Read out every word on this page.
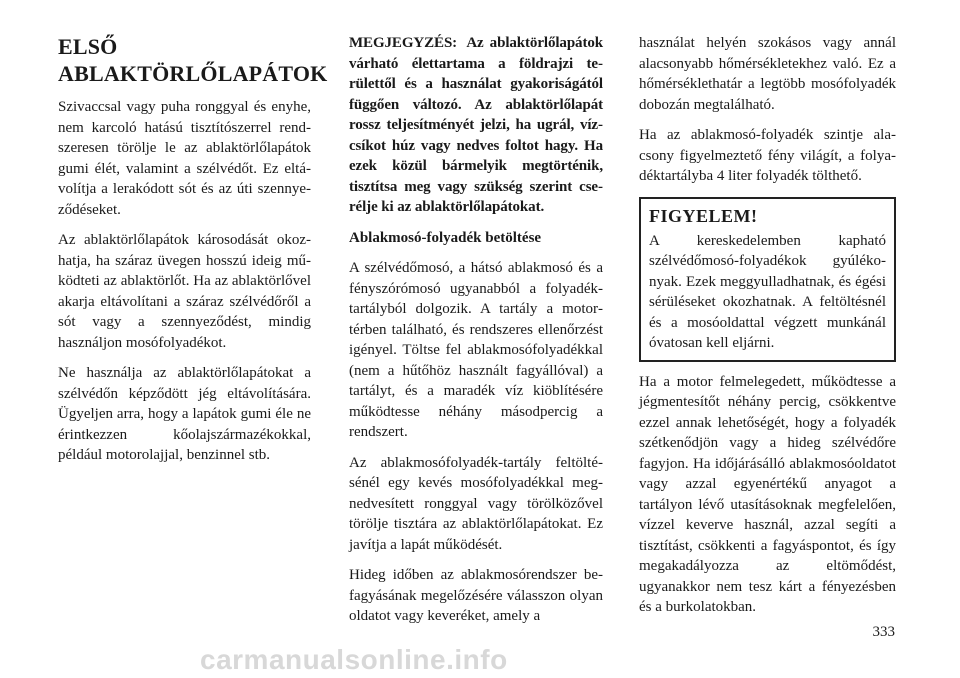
ELSŐ
ABLAKTÖRLŐLAPÁTOK

Szivaccsal vagy puha ronggyal és enyhe, nem karcoló hatású tisztítószerrel rendszeresen törölje le az ablaktörlőlapátok gumi élét, valamint a szélvédőt. Ez eltávolítja a lerakódott sót és az úti szennyeződéseket.

Az ablaktörlőlapátok károsodását okozhatja, ha száraz üvegen hosszú ideig működteti az ablaktörlőt. Ha az ablaktörlővel akarja eltávolítani a száraz szélvédőről a sót vagy a szennyeződést, mindig használjon mosófolyadékot.

Ne használja az ablaktörlőlapátokat a szélvédőn képződött jég eltávolítására. Ügyeljen arra, hogy a lapátok gumi éle ne érintkezzen kőolajszármazékokkal, például motorolajjal, benzinnel stb.

MEGJEGYZÉS: Az ablaktörlőlapátok várható élettartama a földrajzi területtől és a használat gyakoriságától függően változó. Az ablaktörlőlapát rossz teljesítményét jelzi, ha ugrál, vízcsíkot húz vagy nedves foltot hagy. Ha ezek közül bármelyik megtörténik, tisztítsa meg vagy szükség szerint cserélje ki az ablaktörlőlapátokat.

Ablakmosó-folyadék betöltése

A szélvédőmosó, a hátsó ablakmosó és a fényszórómosó ugyanabból a folyadéktartályból dolgozik. A tartály a motortérben található, és rendszeres ellenőrzést igényel. Töltse fel ablakmosófolyadékkal (nem a hűtőhöz használt fagyállóval) a tartályt, és a maradék víz kiöblítésére működtesse néhány másodpercig a rendszert.

Az ablakmosófolyadék-tartály feltöltésénél egy kevés mosófolyadékkal megnedvesített ronggyal vagy törölközővel törölje tisztára az ablaktörlőlapátokat. Ez javítja a lapát működését.

Hideg időben az ablakmosórendszer befagyásának megelőzésére válasszon olyan oldatot vagy keveréket, amely a

használat helyén szokásos vagy annál alacsonyabb hőmérsékletekhez való. Ez a hőmérséklethatár a legtöbb mosófolyadék dobozán megtalálható.

Ha az ablakmosó-folyadék szintje alacsony figyelmeztető fény világít, a folyadéktartályba 4 liter folyadék tölthető.

FIGYELEM!

A kereskedelemben kapható szélvédőmosó-folyadékok gyúlékonyak. Ezek meggyulladhatnak, és égési sérüléseket okozhatnak. A feltöltésnél és a mosóoldattal végzett munkánál óvatosan kell eljárni.

Ha a motor felmelegedett, működtesse a jégmentesítőt néhány percig, csökkentve ezzel annak lehetőségét, hogy a folyadék szétkenődjön vagy a hideg szélvédőre fagyjon. Ha időjárásálló ablakmosóoldatot vagy azzal egyenértékű anyagot a tartályon lévő utasításoknak megfelelően, vízzel keverve használ, azzal segíti a tisztítást, csökkenti a fagyáspontot, és így megakadályozza az eltömődést, ugyanakkor nem tesz kárt a fényezésben és a burkolatokban.

333
carmanualsonline.info
